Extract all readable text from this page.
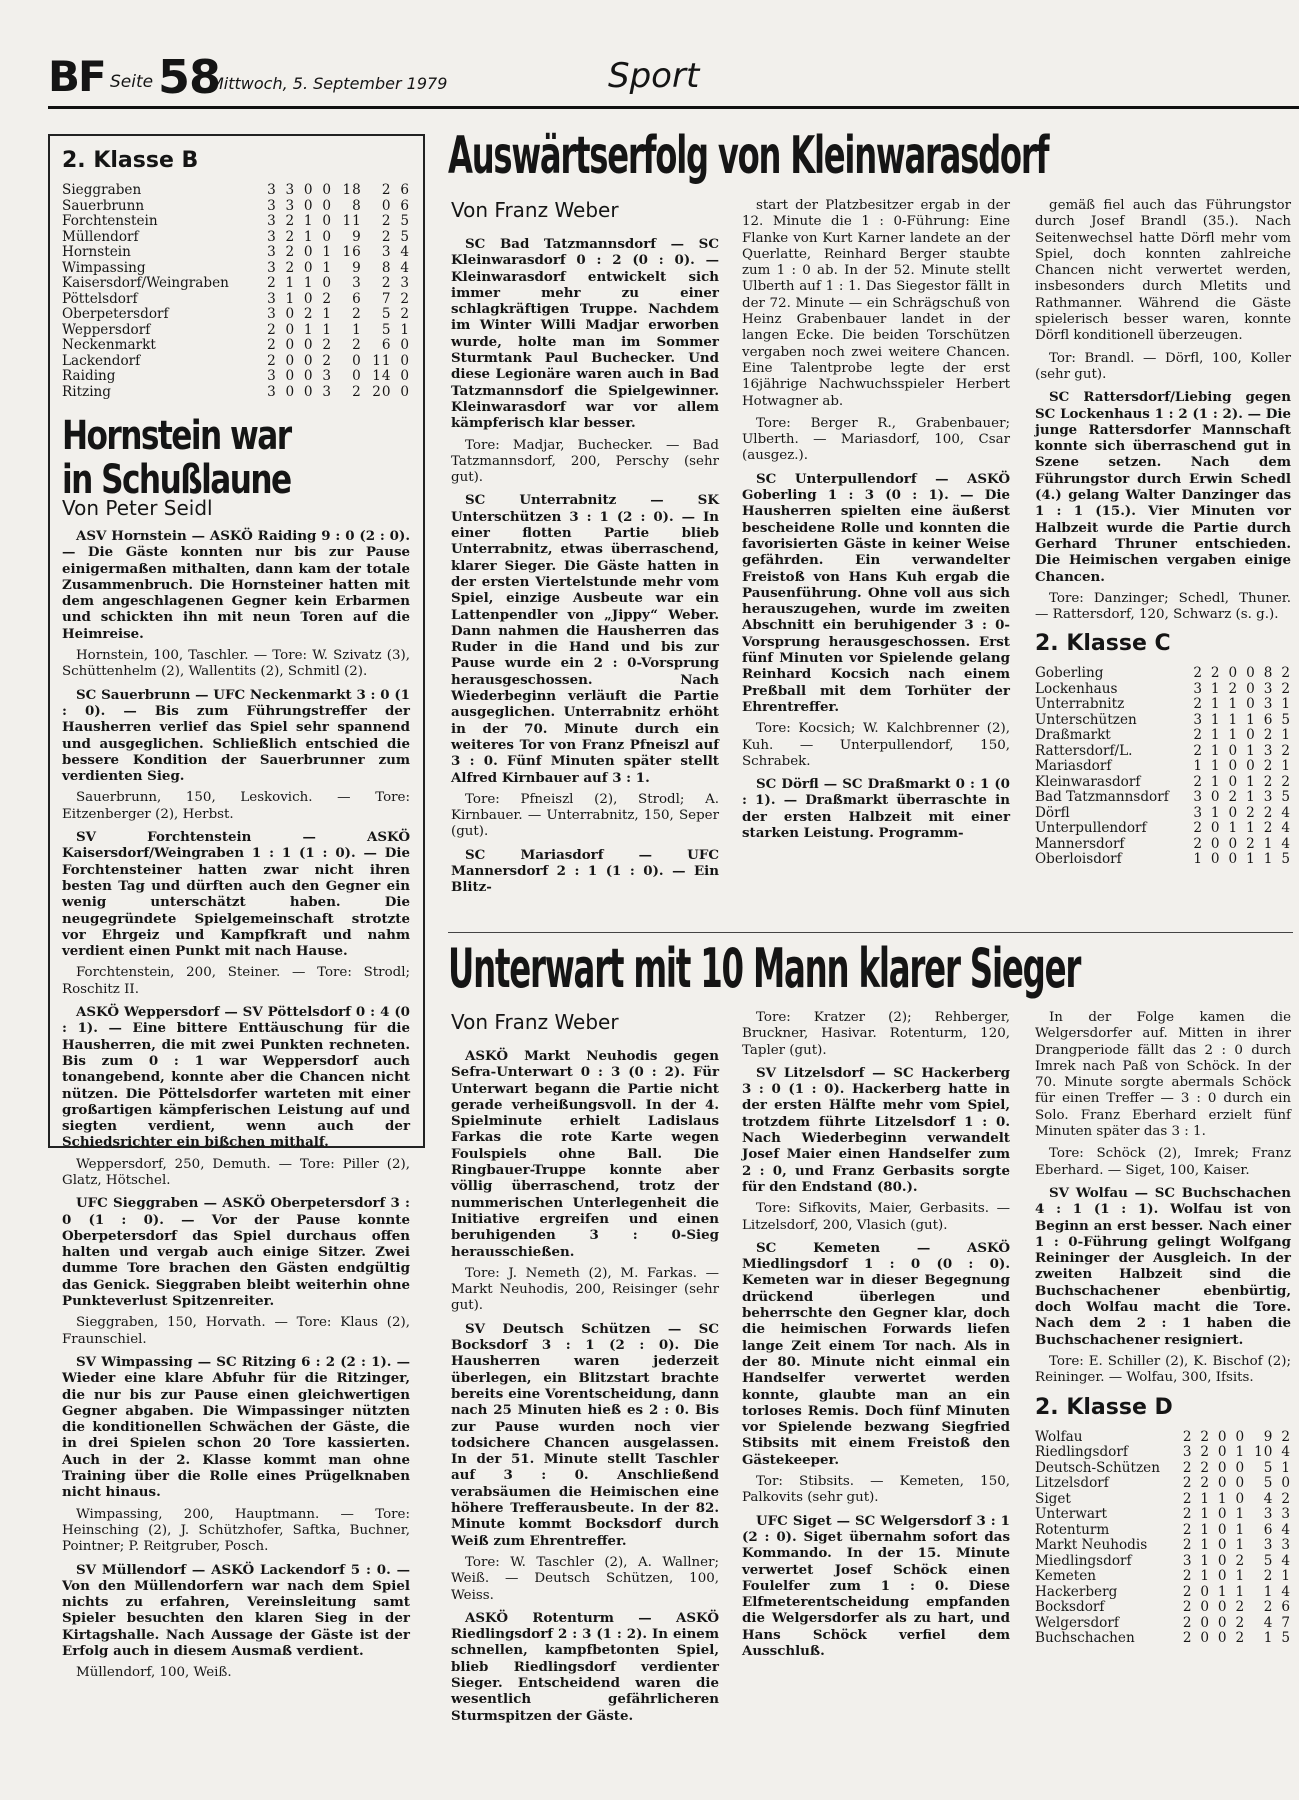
BF Seite 58
Mittwoch, 5. September 1979	Sport
2. Klasse B
Sieggraben	3	3	0	0	18	2	6
Sauerbrunn	3	3	0	0	8	0	6
Forchtenstein	3	2	1	0	11	2	5
Müllendorf	3	2	1	0	9	2	5
Hornstein	3	2	0	1	16	3	4
Wimpassing	3	2	0	1	9	8	4
Kaisersdorf/Weingraben	2	1	1	0	3	2	3
Pöttelsdorf	3	1	0	2	6	7	2
Oberpetersdorf	3	0	2	1	2	5	2
Weppersdorf	2	0	1	1	1	5	1
Neckenmarkt	2	0	0	2	2	6	0
Lackendorf	2	0	0	2	0	11	0
Raiding	3	0	0	3	0	14	0
Ritzing	3	0	0	3	2	20	0
Hornstein war
in Schußlaune
Von Peter Seidl

ASV Hornstein — ASKÖ Raiding 9 : 0 (2 : 0). — Die Gäste konnten nur bis zur Pause einigermaßen mithalten, dann kam der totale Zusammenbruch. Die Hornsteiner hatten mit dem angeschlagenen Gegner kein Erbarmen und schickten ihn mit neun Toren auf die Heimreise.

Hornstein, 100, Taschler. — Tore: W. Szivatz (3), Schüttenhelm (2), Wallentits (2), Schmitl (2).

SC Sauerbrunn — UFC Neckenmarkt 3 : 0 (1 : 0). — Bis zum Führungstreffer der Hausherren verlief das Spiel sehr spannend und ausgeglichen. Schließlich entschied die bessere Kondition der Sauerbrunner zum verdienten Sieg.

Sauerbrunn, 150, Leskovich. — Tore: Eitzenberger (2), Herbst.

SV Forchtenstein — ASKÖ Kaisersdorf/Weingraben 1 : 1 (1 : 0). — Die Forchtensteiner hatten zwar nicht ihren besten Tag und dürften auch den Gegner ein wenig unterschätzt haben. Die neugegründete Spielgemeinschaft strotzte vor Ehrgeiz und Kampfkraft und nahm verdient einen Punkt mit nach Hause.

Forchtenstein, 200, Steiner. — Tore: Strodl; Roschitz II.

ASKÖ Weppersdorf — SV Pöttelsdorf 0 : 4 (0 : 1). — Eine bittere Enttäuschung für die Hausherren, die mit zwei Punkten rechneten. Bis zum 0 : 1 war Weppersdorf auch tonangebend, konnte aber die Chancen nicht nützen. Die Pöttelsdorfer warteten mit einer großartigen kämpferischen Leistung auf und siegten verdient, wenn auch der Schiedsrichter ein bißchen mithalf.

Weppersdorf, 250, Demuth. — Tore: Piller (2), Glatz, Hötschel.

UFC Sieggraben — ASKÖ Oberpetersdorf 3 : 0 (1 : 0). — Vor der Pause konnte Oberpetersdorf das Spiel durchaus offen halten und vergab auch einige Sitzer. Zwei dumme Tore brachen den Gästen endgültig das Genick. Sieggraben bleibt weiterhin ohne Punkteverlust Spitzenreiter.

Sieggraben, 150, Horvath. — Tore: Klaus (2), Fraunschiel.

SV Wimpassing — SC Ritzing 6 : 2 (2 : 1). — Wieder eine klare Abfuhr für die Ritzinger, die nur bis zur Pause einen gleichwertigen Gegner abgaben. Die Wimpassinger nützten die konditionellen Schwächen der Gäste, die in drei Spielen schon 20 Tore kassierten. Auch in der 2. Klasse kommt man ohne Training über die Rolle eines Prügelknaben nicht hinaus.

Wimpassing, 200, Hauptmann. — Tore: Heinsching (2), J. Schützhofer, Saftka, Buchner, Pointner; P. Reitgruber, Posch.

SV Müllendorf — ASKÖ Lackendorf 5 : 0. — Von den Müllendorfern war nach dem Spiel nichts zu erfahren, Vereinsleitung samt Spieler besuchten den klaren Sieg in der Kirtagshalle. Nach Aussage der Gäste ist der Erfolg auch in diesem Ausmaß verdient.

Müllendorf, 100, Weiß.

Auswärtserfolg von Kleinwarasdorf
Von Franz Weber

SC Bad Tatzmannsdorf — SC Kleinwarasdorf 0 : 2 (0 : 0). — Kleinwarasdorf entwickelt sich immer mehr zu einer schlagkräftigen Truppe. Nachdem im Winter Willi Madjar erworben wurde, holte man im Sommer Sturmtank Paul Buchecker. Und diese Legionäre waren auch in Bad Tatzmannsdorf die Spielgewinner. Kleinwarasdorf war vor allem kämpferisch klar besser.

Tore: Madjar, Buchecker. — Bad Tatzmannsdorf, 200, Perschy (sehr gut).

SC Unterrabnitz — SK Unterschützen 3 : 1 (2 : 0). — In einer flotten Partie blieb Unterrabnitz, etwas überraschend, klarer Sieger. Die Gäste hatten in der ersten Viertelstunde mehr vom Spiel, einzige Ausbeute war ein Lattenpendler von „Jippy“ Weber. Dann nahmen die Hausherren das Ruder in die Hand und bis zur Pause wurde ein 2 : 0-Vorsprung herausgeschossen. Nach Wiederbeginn verläuft die Partie ausgeglichen. Unterrabnitz erhöht in der 70. Minute durch ein weiteres Tor von Franz Pfneiszl auf 3 : 0. Fünf Minuten später stellt Alfred Kirnbauer auf 3 : 1.

Tore: Pfneiszl (2), Strodl; A. Kirnbauer. — Unterrabnitz, 150, Seper (gut).

SC Mariasdorf — UFC Mannersdorf 2 : 1 (1 : 0). — Ein Blitz-

start der Platzbesitzer ergab in der 12. Minute die 1 : 0-Führung: Eine Flanke von Kurt Karner landete an der Querlatte, Reinhard Berger staubte zum 1 : 0 ab. In der 52. Minute stellt Ulberth auf 1 : 1. Das Siegestor fällt in der 72. Minute — ein Schrägschuß von Heinz Grabenbauer landet in der langen Ecke. Die beiden Torschützen vergaben noch zwei weitere Chancen. Eine Talentprobe legte der erst 16jährige Nachwuchsspieler Herbert Hotwagner ab.

Tore: Berger R., Grabenbauer; Ulberth. — Mariasdorf, 100, Csar (ausgez.).

SC Unterpullendorf — ASKÖ Goberling 1 : 3 (0 : 1). — Die Hausherren spielten eine äußerst bescheidene Rolle und konnten die favorisierten Gäste in keiner Weise gefährden. Ein verwandelter Freistoß von Hans Kuh ergab die Pausenführung. Ohne voll aus sich herauszugehen, wurde im zweiten Abschnitt ein beruhigender 3 : 0-Vorsprung herausgeschossen. Erst fünf Minuten vor Spielende gelang Reinhard Kocsich nach einem Preßball mit dem Torhüter der Ehrentreffer.

Tore: Kocsich; W. Kalchbrenner (2), Kuh. — Unterpullendorf, 150, Schrabek.

SC Dörfl — SC Draßmarkt 0 : 1 (0 : 1). — Draßmarkt überraschte in der ersten Halbzeit mit einer starken Leistung. Programm-

gemäß fiel auch das Führungstor durch Josef Brandl (35.). Nach Seitenwechsel hatte Dörfl mehr vom Spiel, doch konnten zahlreiche Chancen nicht verwertet werden, insbesonders durch Mletits und Rathmanner. Während die Gäste spielerisch besser waren, konnte Dörfl konditionell überzeugen.

Tor: Brandl. — Dörfl, 100, Koller (sehr gut).

SC Rattersdorf/Liebing gegen SC Lockenhaus 1 : 2 (1 : 2). — Die junge Rattersdorfer Mannschaft konnte sich überraschend gut in Szene setzen. Nach dem Führungstor durch Erwin Schedl (4.) gelang Walter Danzinger das 1 : 1 (15.). Vier Minuten vor Halbzeit wurde die Partie durch Gerhard Thruner entschieden. Die Heimischen vergaben einige Chancen.

Tore: Danzinger; Schedl, Thuner. — Rattersdorf, 120, Schwarz (s. g.).

2. Klasse C
Goberling	2	2	0	0	8	2
Lockenhaus	3	1	2	0	3	2
Unterrabnitz	2	1	1	0	3	1
Unterschützen	3	1	1	1	6	5
Draßmarkt	2	1	1	0	2	1
Rattersdorf/L.	2	1	0	1	3	2
Mariasdorf	1	1	0	0	2	1
Kleinwarasdorf	2	1	0	1	2	2
Bad Tatzmannsdorf	3	0	2	1	3	5
Dörfl	3	1	0	2	2	4
Unterpullendorf	2	0	1	1	2	4
Mannersdorf	2	0	0	2	1	4
Oberloisdorf	1	0	0	1	1	5
Unterwart mit 10 Mann klarer Sieger
Von Franz Weber

ASKÖ Markt Neuhodis gegen Sefra-Unterwart 0 : 3 (0 : 2). Für Unterwart begann die Partie nicht gerade verheißungsvoll. In der 4. Spielminute erhielt Ladislaus Farkas die rote Karte wegen Foulspiels ohne Ball. Die Ringbauer-Truppe konnte aber völlig überraschend, trotz der nummerischen Unterlegenheit die Initiative ergreifen und einen beruhigenden 3 : 0-Sieg herausschießen.

Tore: J. Nemeth (2), M. Farkas. — Markt Neuhodis, 200, Reisinger (sehr gut).

SV Deutsch Schützen — SC Bocksdorf 3 : 1 (2 : 0). Die Hausherren waren jederzeit überlegen, ein Blitzstart brachte bereits eine Vorentscheidung, dann nach 25 Minuten hieß es 2 : 0. Bis zur Pause wurden noch vier todsichere Chancen ausgelassen. In der 51. Minute stellt Taschler auf 3 : 0. Anschließend verabsäumen die Heimischen eine höhere Trefferausbeute. In der 82. Minute kommt Bocksdorf durch Weiß zum Ehrentreffer.

Tore: W. Taschler (2), A. Wallner; Weiß. — Deutsch Schützen, 100, Weiss.

ASKÖ Rotenturm — ASKÖ Riedlingsdorf 2 : 3 (1 : 2). In einem schnellen, kampfbetonten Spiel, blieb Riedlingsdorf verdienter Sieger. Entscheidend waren die wesentlich gefährlicheren Sturmspitzen der Gäste.

Tore: Kratzer (2); Rehberger, Bruckner, Hasivar. Rotenturm, 120, Tapler (gut).

SV Litzelsdorf — SC Hackerberg 3 : 0 (1 : 0). Hackerberg hatte in der ersten Hälfte mehr vom Spiel, trotzdem führte Litzelsdorf 1 : 0. Nach Wiederbeginn verwandelt Josef Maier einen Handselfer zum 2 : 0, und Franz Gerbasits sorgte für den Endstand (80.).

Tore: Sifkovits, Maier, Gerbasits. — Litzelsdorf, 200, Vlasich (gut).

SC Kemeten — ASKÖ Miedlingsdorf 1 : 0 (0 : 0). Kemeten war in dieser Begegnung drückend überlegen und beherrschte den Gegner klar, doch die heimischen Forwards liefen lange Zeit einem Tor nach. Als in der 80. Minute nicht einmal ein Handselfer verwertet werden konnte, glaubte man an ein torloses Remis. Doch fünf Minuten vor Spielende bezwang Siegfried Stibsits mit einem Freistoß den Gästekeeper.

Tor: Stibsits. — Kemeten, 150, Palkovits (sehr gut).

UFC Siget — SC Welgersdorf 3 : 1 (2 : 0). Siget übernahm sofort das Kommando. In der 15. Minute verwertet Josef Schöck einen Foulelfer zum 1 : 0. Diese Elfmeterentscheidung empfanden die Welgersdorfer als zu hart, und Hans Schöck verfiel dem Ausschluß.

In der Folge kamen die Welgersdorfer auf. Mitten in ihrer Drangperiode fällt das 2 : 0 durch Imrek nach Paß von Schöck. In der 70. Minute sorgte abermals Schöck für einen Treffer — 3 : 0 durch ein Solo. Franz Eberhard erzielt fünf Minuten später das 3 : 1.

Tore: Schöck (2), Imrek; Franz Eberhard. — Siget, 100, Kaiser.

SV Wolfau — SC Buchschachen 4 : 1 (1 : 1). Wolfau ist von Beginn an erst besser. Nach einer 1 : 0-Führung gelingt Wolfgang Reininger der Ausgleich. In der zweiten Halbzeit sind die Buchschachener ebenbürtig, doch Wolfau macht die Tore. Nach dem 2 : 1 haben die Buchschachener resigniert.

Tore: E. Schiller (2), K. Bischof (2); Reininger. — Wolfau, 300, Ifsits.

2. Klasse D
Wolfau	2	2	0	0	9	2
Riedlingsdorf	3	2	0	1	10	4
Deutsch-Schützen	2	2	0	0	5	1
Litzelsdorf	2	2	0	0	5	0
Siget	2	1	1	0	4	2
Unterwart	2	1	0	1	3	3
Rotenturm	2	1	0	1	6	4
Markt Neuhodis	2	1	0	1	3	3
Miedlingsdorf	3	1	0	2	5	4
Kemeten	2	1	0	1	2	1
Hackerberg	2	0	1	1	1	4
Bocksdorf	2	0	0	2	2	6
Welgersdorf	2	0	0	2	4	7
Buchschachen	2	0	0	2	1	5
